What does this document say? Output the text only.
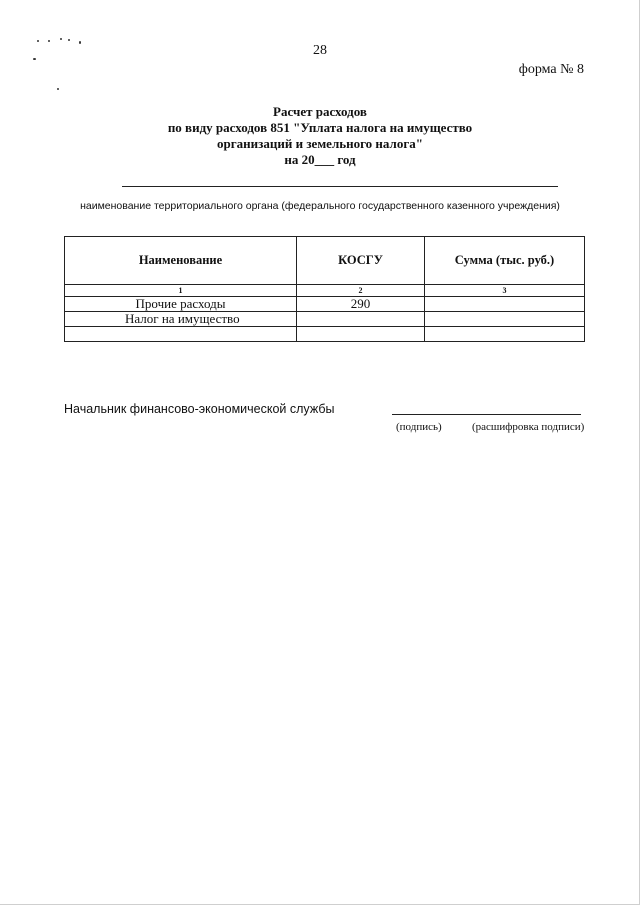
28
форма № 8
Расчет расходов
по виду расходов 851 "Уплата налога на имущество
организаций и земельного налога"
на 20___ год
наименование территориального органа (федерального государственного казенного учреждения)
Наименование	КОСГУ	Сумма (тыс. руб.)
1	2	3
Прочие расходы	290	
Налог на имущество		

Начальник финансово-экономической службы
(подпись)	(расшифровка подписи)
